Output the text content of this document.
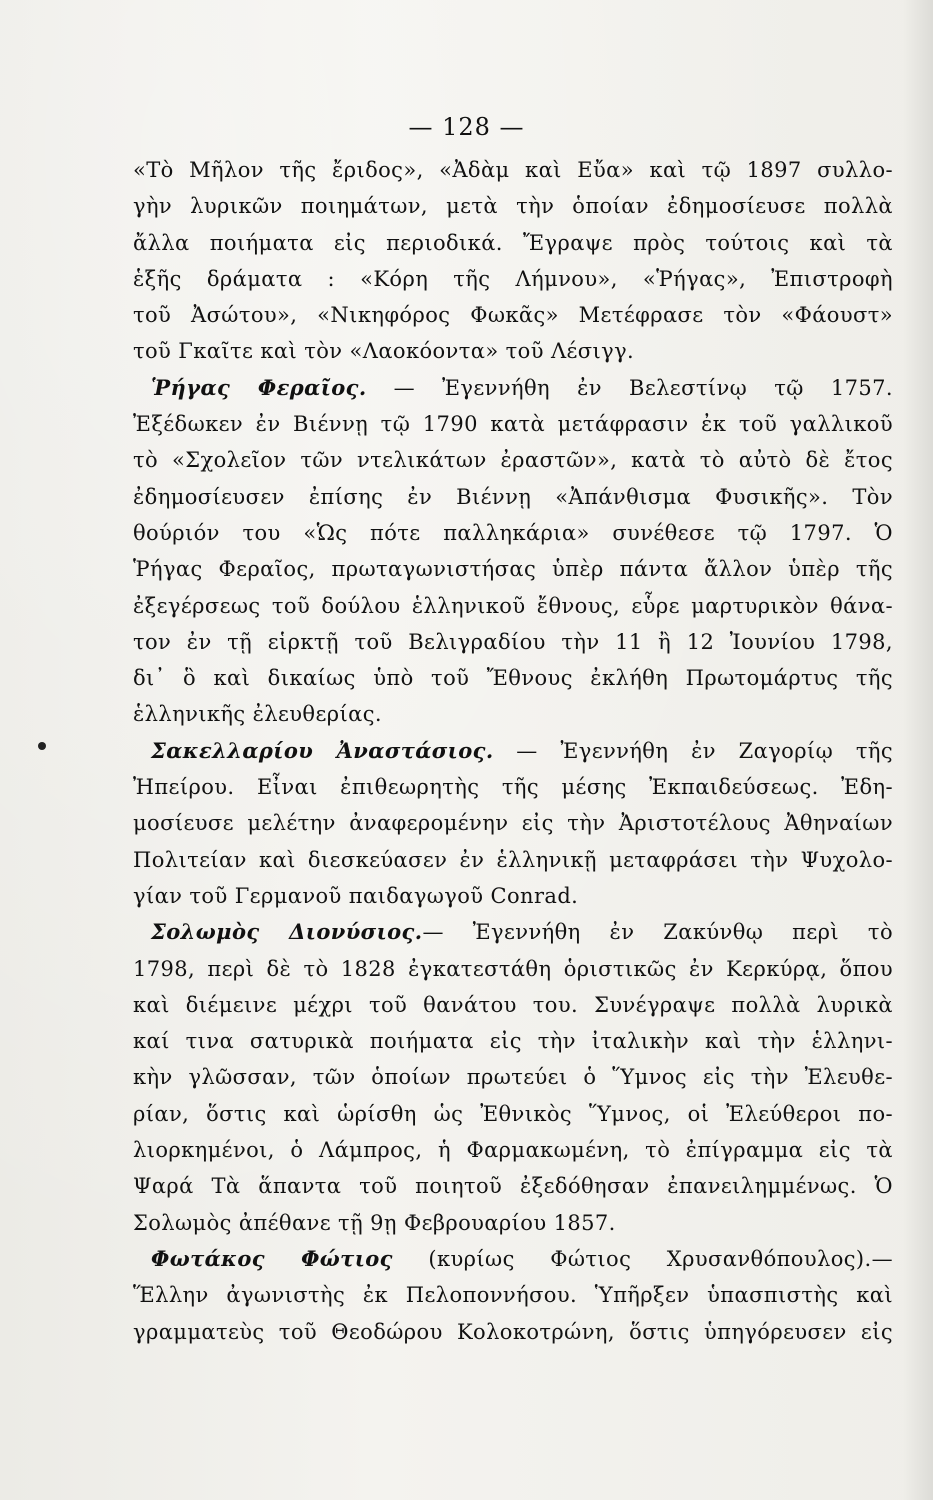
— 128 —
«Τὸ Μῆλον τῆς ἔριδος», «Ἀδὰμ καὶ Εὔα» καὶ τῷ 1897 συλλο-
γὴν λυρικῶν ποιημάτων, μετὰ τὴν ὁποίαν ἐδημοσίευσε πολλὰ
ἄλλα ποιήματα εἰς περιοδικά. Ἔγραψε πρὸς τούτοις καὶ τὰ
ἑξῆς δράματα : «Κόρη τῆς Λήμνου», «Ῥήγας», Ἐπιστροφὴ
τοῦ Ἀσώτου», «Νικηφόρος Φωκᾶς» Μετέφρασε τὸν «Φάουστ»
τοῦ Γκαῖτε καὶ τὸν «Λαοκόοντα» τοῦ Λέσιγγ.
Ῥήγας Φεραῖος. — Ἐγεννήθη ἐν Βελεστίνῳ τῷ 1757.
Ἐξέδωκεν ἐν Βιέννῃ τῷ 1790 κατὰ μετάφρασιν ἐκ τοῦ γαλλικοῦ
τὸ «Σχολεῖον τῶν ντελικάτων ἐραστῶν», κατὰ τὸ αὐτὸ δὲ ἔτος
ἐδημοσίευσεν ἐπίσης ἐν Βιέννῃ «Ἀπάνθισμα Φυσικῆς». Τὸν
θούριόν του «Ὡς πότε παλληκάρια» συνέθεσε τῷ 1797. Ὁ
Ῥήγας Φεραῖος, πρωταγωνιστήσας ὑπὲρ πάντα ἄλλον ὑπὲρ τῆς
ἐξεγέρσεως τοῦ δούλου ἑλληνικοῦ ἔθνους, εὗρε μαρτυρικὸν θάνα-
τον ἐν τῇ εἱρκτῇ τοῦ Βελιγραδίου τὴν 11 ἢ 12 Ἰουνίου 1798,
δι᾽ ὃ καὶ δικαίως ὑπὸ τοῦ Ἔθνους ἐκλήθη Πρωτομάρτυς τῆς
ἑλληνικῆς ἐλευθερίας.
Σακελλαρίου Ἀναστάσιος. — Ἐγεννήθη ἐν Ζαγορίῳ τῆς
Ἠπείρου. Εἶναι ἐπιθεωρητὴς τῆς μέσης Ἐκπαιδεύσεως. Ἐδη-
μοσίευσε μελέτην ἀναφερομένην εἰς τὴν Ἀριστοτέλους Ἀθηναίων
Πολιτείαν καὶ διεσκεύασεν ἐν ἑλληνικῇ μεταφράσει τὴν Ψυχολο-
γίαν τοῦ Γερμανοῦ παιδαγωγοῦ Conrad.
Σολωμὸς Διονύσιος.— Ἐγεννήθη ἐν Ζακύνθῳ περὶ τὸ
1798, περὶ δὲ τὸ 1828 ἐγκατεστάθη ὁριστικῶς ἐν Κερκύρᾳ, ὅπου
καὶ διέμεινε μέχρι τοῦ θανάτου του. Συνέγραψε πολλὰ λυρικὰ
καί τινα σατυρικὰ ποιήματα εἰς τὴν ἰταλικὴν καὶ τὴν ἑλληνι-
κὴν γλῶσσαν, τῶν ὁποίων πρωτεύει ὁ Ὕμνος εἰς τὴν Ἐλευθε-
ρίαν, ὅστις καὶ ὡρίσθη ὡς Ἐθνικὸς Ὕμνος, οἱ Ἐλεύθεροι πο-
λιορκημένοι, ὁ Λάμπρος, ἡ Φαρμακωμένη, τὸ ἐπίγραμμα εἰς τὰ
Ψαρά Τὰ ἅπαντα τοῦ ποιητοῦ ἐξεδόθησαν ἐπανειλημμένως. Ὁ
Σολωμὸς ἀπέθανε τῇ 9ῃ Φεβρουαρίου 1857.
Φωτάκος Φώτιος (κυρίως Φώτιος Χρυσανθόπουλος).—
Ἕλλην ἀγωνιστὴς ἐκ Πελοποννήσου. Ὑπῆρξεν ὑπασπιστὴς καὶ
γραμματεὺς τοῦ Θεοδώρου Κολοκοτρώνη, ὅστις ὑπηγόρευσεν εἰς
